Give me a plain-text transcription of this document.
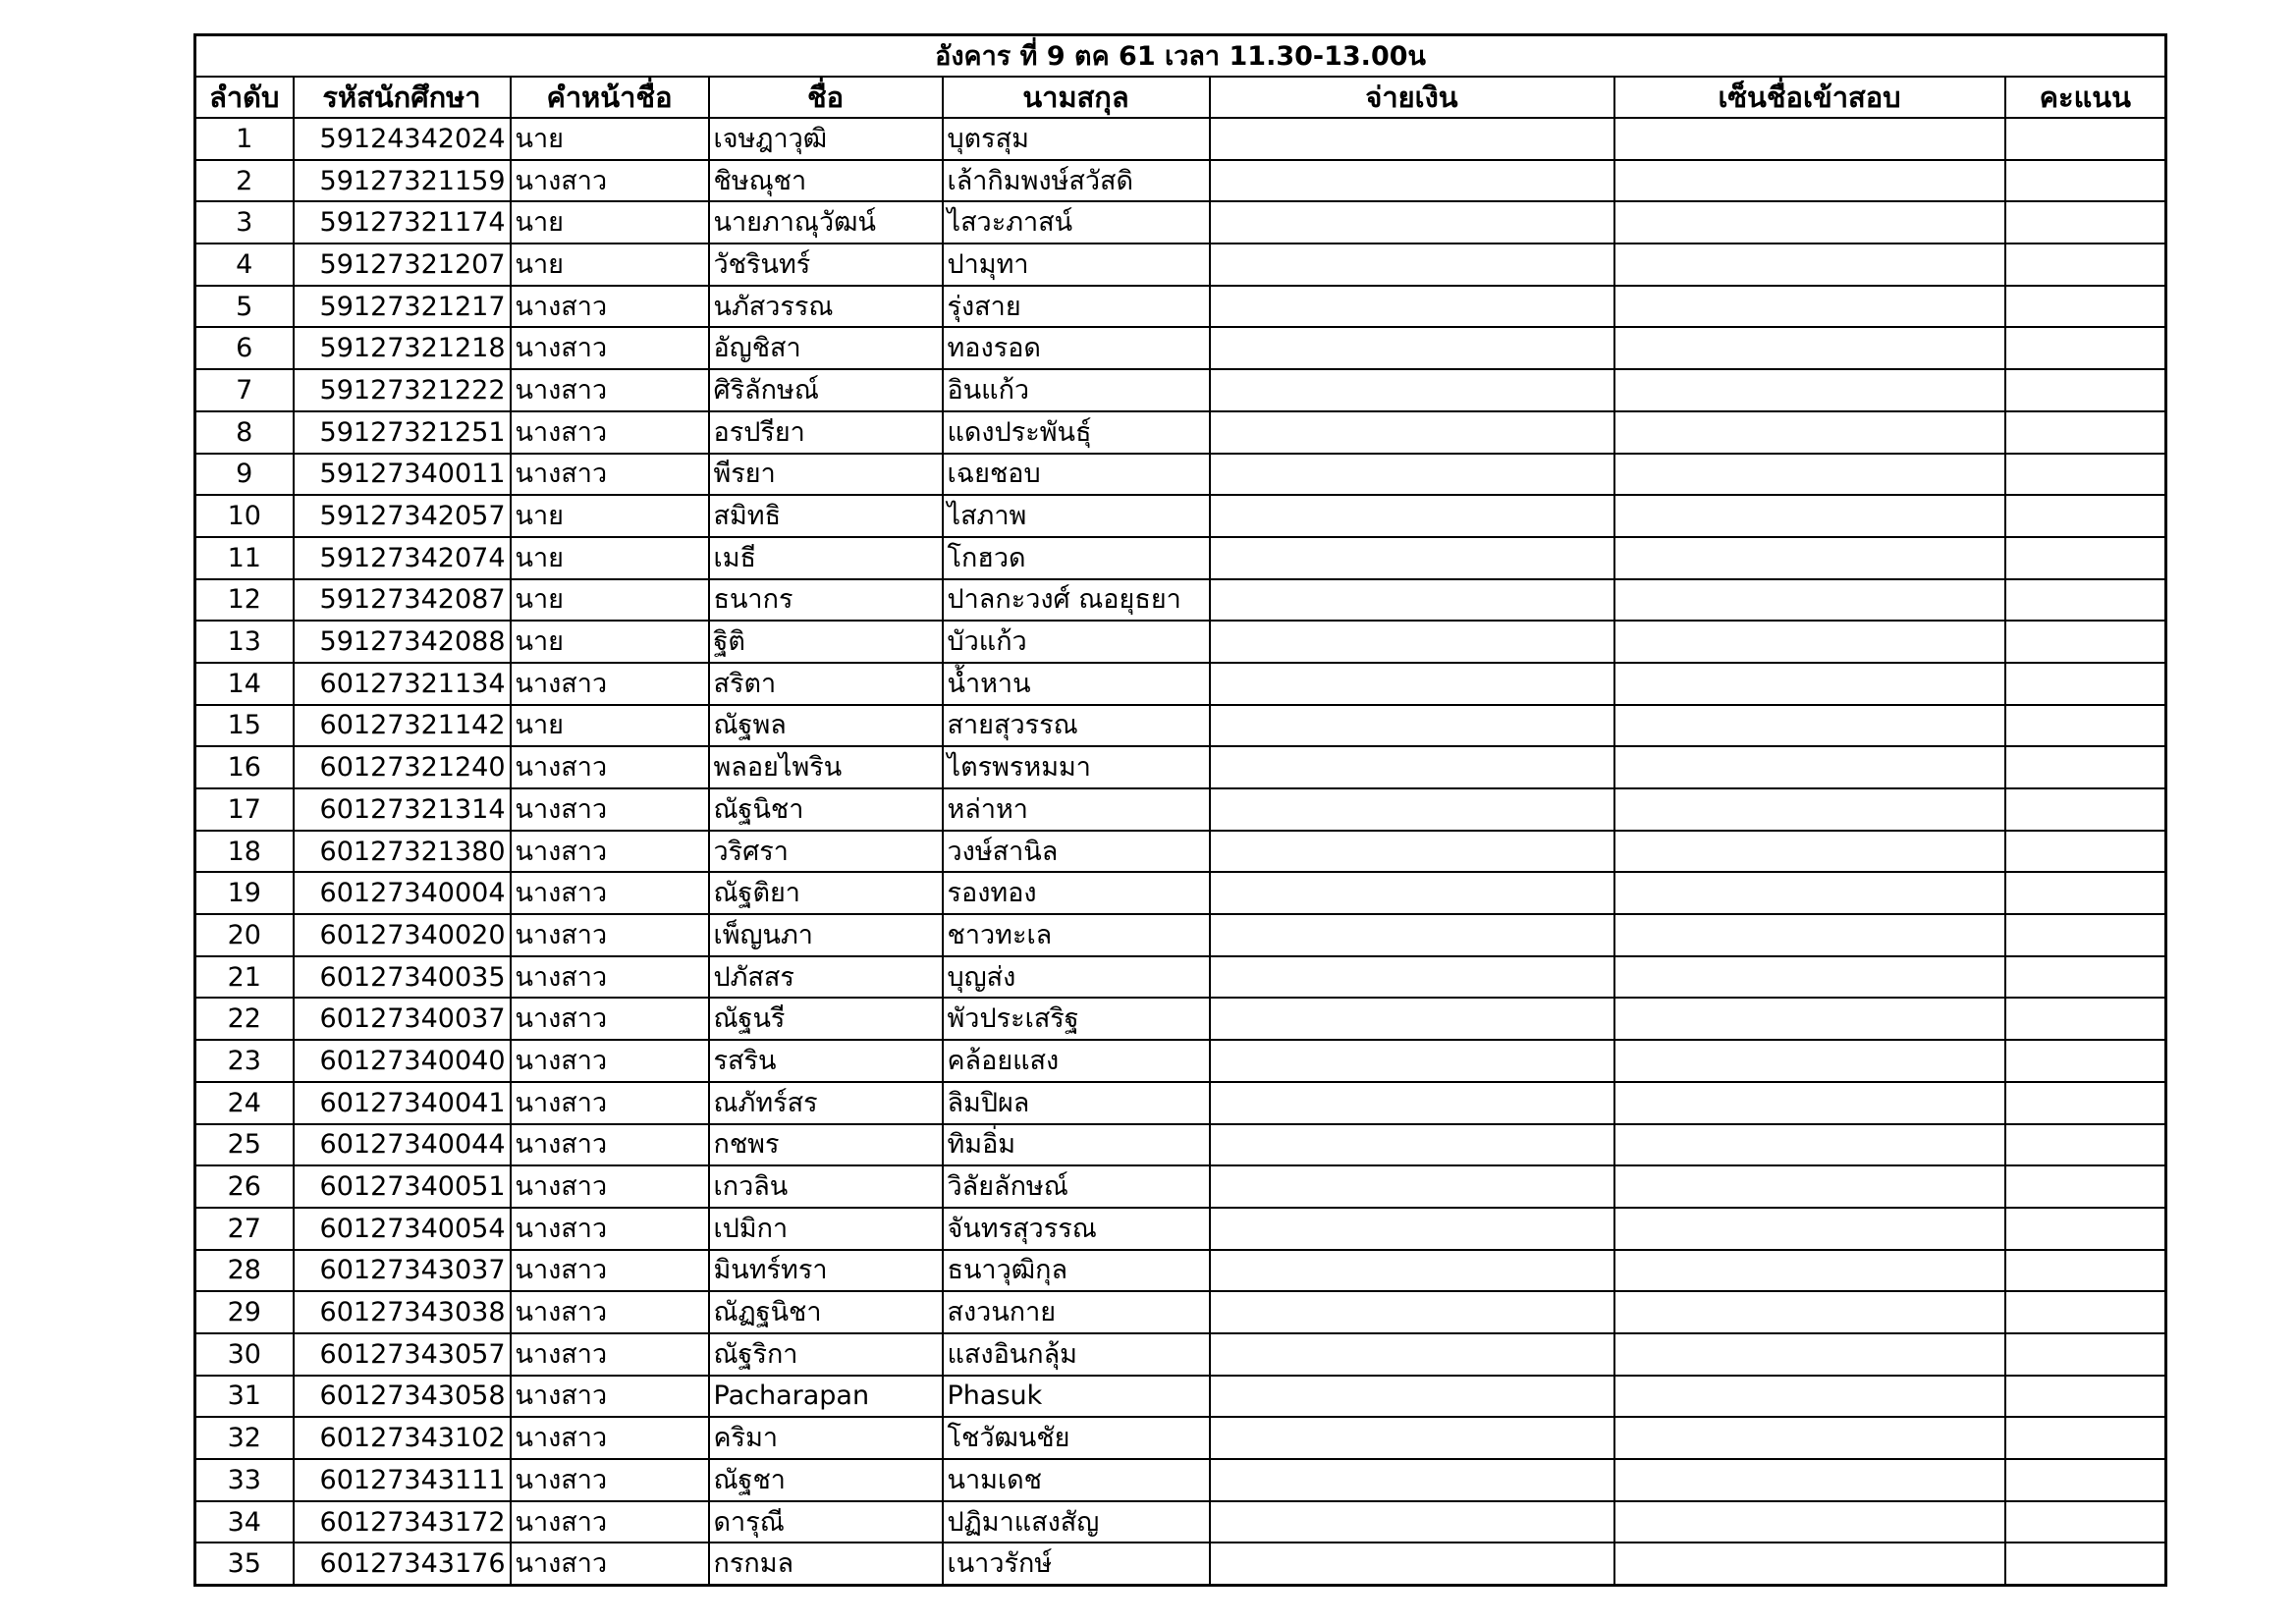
อังคาร ที่ 9 ตค 61 เวลา 11.30-13.00น							
ลำดับ	รหัสนักศึกษา	คำหน้าชื่อ	ชื่อ	นามสกุล	จ่ายเงิน	เซ็นชื่อเข้าสอบ	คะแนน
1	59124342024	นาย	เจษฎาวุฒิ	บุตรสุม			
2	59127321159	นางสาว	ชิษณุชา	เล้ากิมพงษ์สวัสดิ			
3	59127321174	นาย	นายภาณุวัฒน์	ไสวะภาสน์			
4	59127321207	นาย	วัชรินทร์	ปามุทา			
5	59127321217	นางสาว	นภัสวรรณ	รุ่งสาย			
6	59127321218	นางสาว	อัญชิสา	ทองรอด			
7	59127321222	นางสาว	ศิริลักษณ์	อินแก้ว			
8	59127321251	นางสาว	อรปรียา	แดงประพันธุ์			
9	59127340011	นางสาว	พีรยา	เฉยชอบ			
10	59127342057	นาย	สมิทธิ	ไสภาพ			
11	59127342074	นาย	เมธี	โกฮวด			
12	59127342087	นาย	ธนากร	ปาลกะวงศ์ ณอยุธยา			
13	59127342088	นาย	ฐิติ	บัวแก้ว			
14	60127321134	นางสาว	สริตา	น้ำหาน			
15	60127321142	นาย	ณัฐพล	สายสุวรรณ			
16	60127321240	นางสาว	พลอยไพริน	ไตรพรหมมา			
17	60127321314	นางสาว	ณัฐนิชา	หล่าหา			
18	60127321380	นางสาว	วริศรา	วงษ์สานิล			
19	60127340004	นางสาว	ณัฐติยา	รองทอง			
20	60127340020	นางสาว	เพ็ญนภา	ชาวทะเล			
21	60127340035	นางสาว	ปภัสสร	บุญส่ง			
22	60127340037	นางสาว	ณัฐนรี	พัวประเสริฐ			
23	60127340040	นางสาว	รสริน	คล้อยแสง			
24	60127340041	นางสาว	ณภัทร์สร	ลิมปิผล			
25	60127340044	นางสาว	กชพร	ทิมอิ่ม			
26	60127340051	นางสาว	เกวลิน	วิลัยลักษณ์			
27	60127340054	นางสาว	เปมิกา	จันทรสุวรรณ			
28	60127343037	นางสาว	มินทร์ทรา	ธนาวุฒิกุล			
29	60127343038	นางสาว	ณัฏฐนิชา	สงวนกาย			
30	60127343057	นางสาว	ณัฐริกา	แสงอินกลุ้ม			
31	60127343058	นางสาว	Pacharapan	Phasuk			
32	60127343102	นางสาว	คริมา	โชวัฒนชัย			
33	60127343111	นางสาว	ณัฐชา	นามเดช			
34	60127343172	นางสาว	ดารุณี	ปฏิมาแสงสัญ			
35	60127343176	นางสาว	กรกมล	เนาวรักษ์			
